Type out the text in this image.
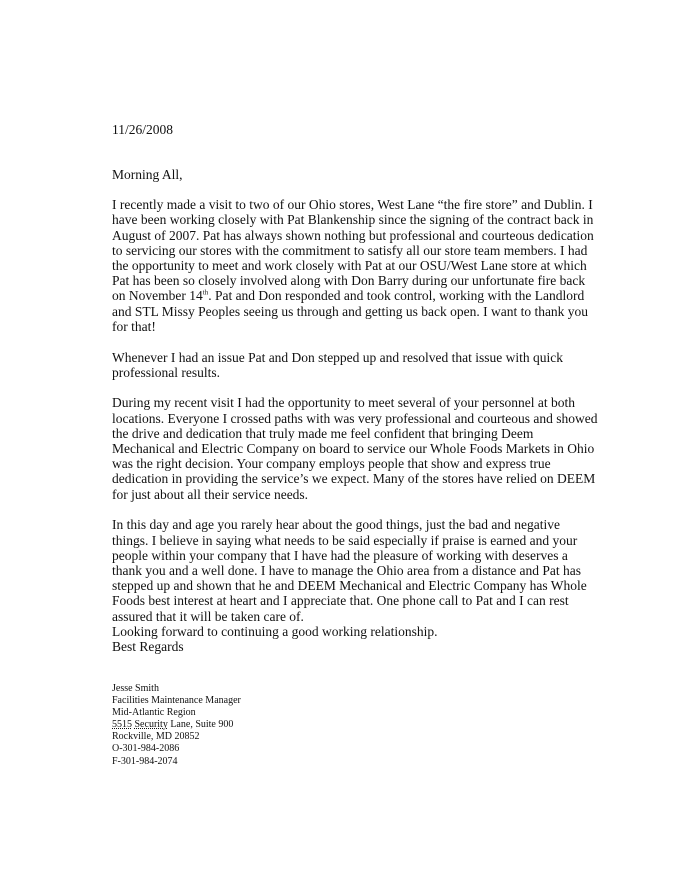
11/26/2008
Morning All,

I recently made a visit to two of our Ohio stores, West Lane “the fire store” and Dublin. I
have been working closely with Pat Blankenship since the signing of the contract back in
August of 2007. Pat has always shown nothing but professional and courteous dedication
to servicing our stores with the commitment to satisfy all our store team members. I had
the opportunity to meet and work closely with Pat at our OSU/West Lane store at which
Pat has been so closely involved along with Don Barry during our unfortunate fire back
on November 14th. Pat and Don responded and took control, working with the Landlord
and STL Missy Peoples seeing us through and getting us back open. I want to thank you
for that!

Whenever I had an issue Pat and Don stepped up and resolved that issue with quick
professional results.

During my recent visit I had the opportunity to meet several of your personnel at both
locations. Everyone I crossed paths with was very professional and courteous and showed
the drive and dedication that truly made me feel confident that bringing Deem
Mechanical and Electric Company on board to service our Whole Foods Markets in Ohio
was the right decision. Your company employs people that show and express true
dedication in providing the service’s we expect. Many of the stores have relied on DEEM
for just about all their service needs.

In this day and age you rarely hear about the good things, just the bad and negative
things. I believe in saying what needs to be said especially if praise is earned and your
people within your company that I have had the pleasure of working with deserves a
thank you and a well done. I have to manage the Ohio area from a distance and Pat has
stepped up and shown that he and DEEM Mechanical and Electric Company has Whole
Foods best interest at heart and I appreciate that. One phone call to Pat and I can rest
assured that it will be taken care of.

Looking forward to continuing a good working relationship.
Best Regards
Jesse Smith
Facilities Maintenance Manager
Mid-Atlantic Region
5515 Security Lane, Suite 900
Rockville, MD 20852
O-301-984-2086
F-301-984-2074
